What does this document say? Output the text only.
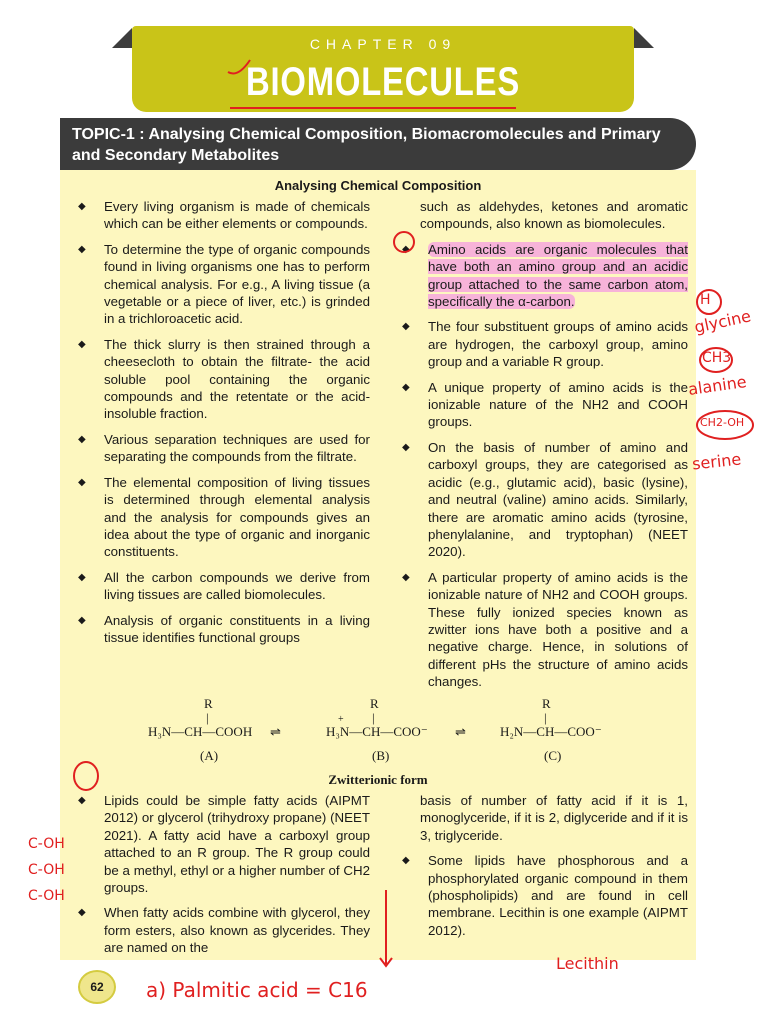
CHAPTER 09
BIOMOLECULES
TOPIC-1 : Analysing Chemical Composition, Biomacromolecules and Primary and Secondary Metabolites
Analysing Chemical Composition
◆ Every living organism is made of chemicals which can be either elements or compounds.
◆ To determine the type of organic compounds found in living organisms one has to perform chemical analysis. For e.g., A living tissue (a vegetable or a piece of liver, etc.) is grinded in a trichloroacetic acid.
◆ The thick slurry is then strained through a cheesecloth to obtain the filtrate- the acid soluble pool containing the organic compounds and the retentate or the acid-insoluble fraction.
◆ Various separation techniques are used for separating the compounds from the filtrate.
◆ The elemental composition of living tissues is determined through elemental analysis and the analysis for compounds gives an idea about the type of organic and inorganic constituents.
◆ All the carbon compounds we derive from living tissues are called biomolecules.
◆ Analysis of organic constituents in a living tissue identifies functional groups
such as aldehydes, ketones and aromatic compounds, also known as biomolecules.
◆ Amino acids are organic molecules that have both an amino group and an acidic group attached to the same carbon atom, specifically the α-carbon.
◆ The four substituent groups of amino acids are hydrogen, the carboxyl group, amino group and a variable R group.
◆ A unique property of amino acids is the ionizable nature of the NH2 and COOH groups.
◆ On the basis of number of amino and carboxyl groups, they are categorised as acidic (e.g., glutamic acid), basic (lysine), and neutral (valine) amino acids. Similarly, there are aromatic amino acids (tyrosine, phenylalanine, and tryptophan) (NEET 2020).
◆ A particular property of amino acids is the ionizable nature of NH2 and COOH groups. These fully ionized species known as zwitter ions have both a positive and a negative charge. Hence, in solutions of different pHs the structure of amino acids changes.
R
|
H₃N—CH—COOH ⇌
R
|
+
H₃N—CH—COO⁻ ⇌
R
|
H₂N—CH—COO⁻
(A)	(B)	(C)
Zwitterionic form
◆ Lipids could be simple fatty acids (AIPMT 2012) or glycerol (trihydroxy propane) (NEET 2021). A fatty acid have a carboxyl group attached to an R group. The R group could be a methyl, ethyl or a higher number of CH2 groups.
◆ When fatty acids combine with glycerol, they form esters, also known as glycerides. They are named on the
basis of number of fatty acid if it is 1, monoglyceride, if it is 2, diglyceride and if it is 3, triglyceride.
◆ Some lipids have phosphorous and a phosphorylated organic compound in them (phospholipids) and are found in cell membrane. Lecithin is one example (AIPMT 2012).
H
glycine
CH3
alanine
CH2-OH
serine
C-OH
C-OH
C-OH
a) Palmitic acid = C16
Lecithin
62
